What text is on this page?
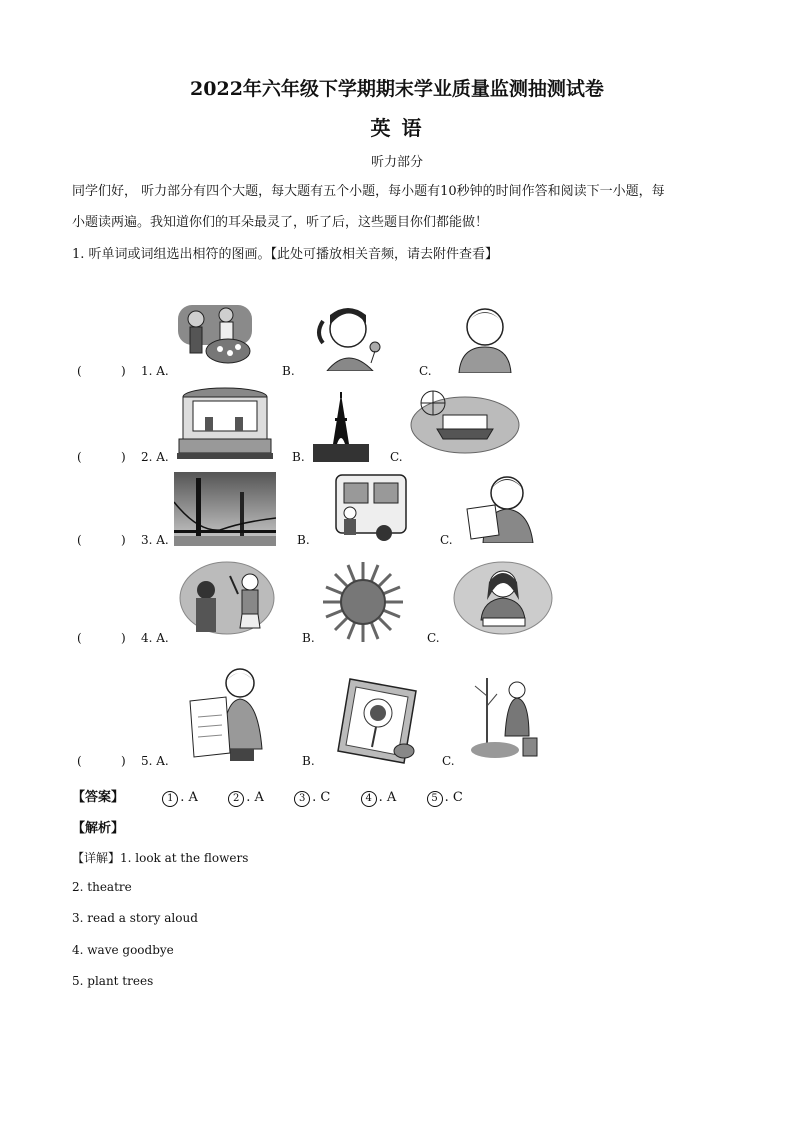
2022年六年级下学期期末学业质量监测抽测试卷
英 语
听力部分
同学们好， 听力部分有四个大题，每大题有五个小题，每小题有10秒钟的时间作答和阅读下一小题，每
小题读两遍。我知道你们的耳朵最灵了，听了后，这些题目你们都能做！
1. 听单词或词组选出相符的图画。【此处可播放相关音频，请去附件查看】
(	) 1. A.	B.	C.
(	) 2. A.	B.	C.
(	) 3. A.	B.	C.
(	) 4. A.	B.	C.
(	) 5. A.	B.	C.
【答案】	1 . A	2 . A	3 . C	4 . A	5 . C
【解析】
【详解】1. look at the flowers
2. theatre
3. read a story aloud
4. wave goodbye
5. plant trees
